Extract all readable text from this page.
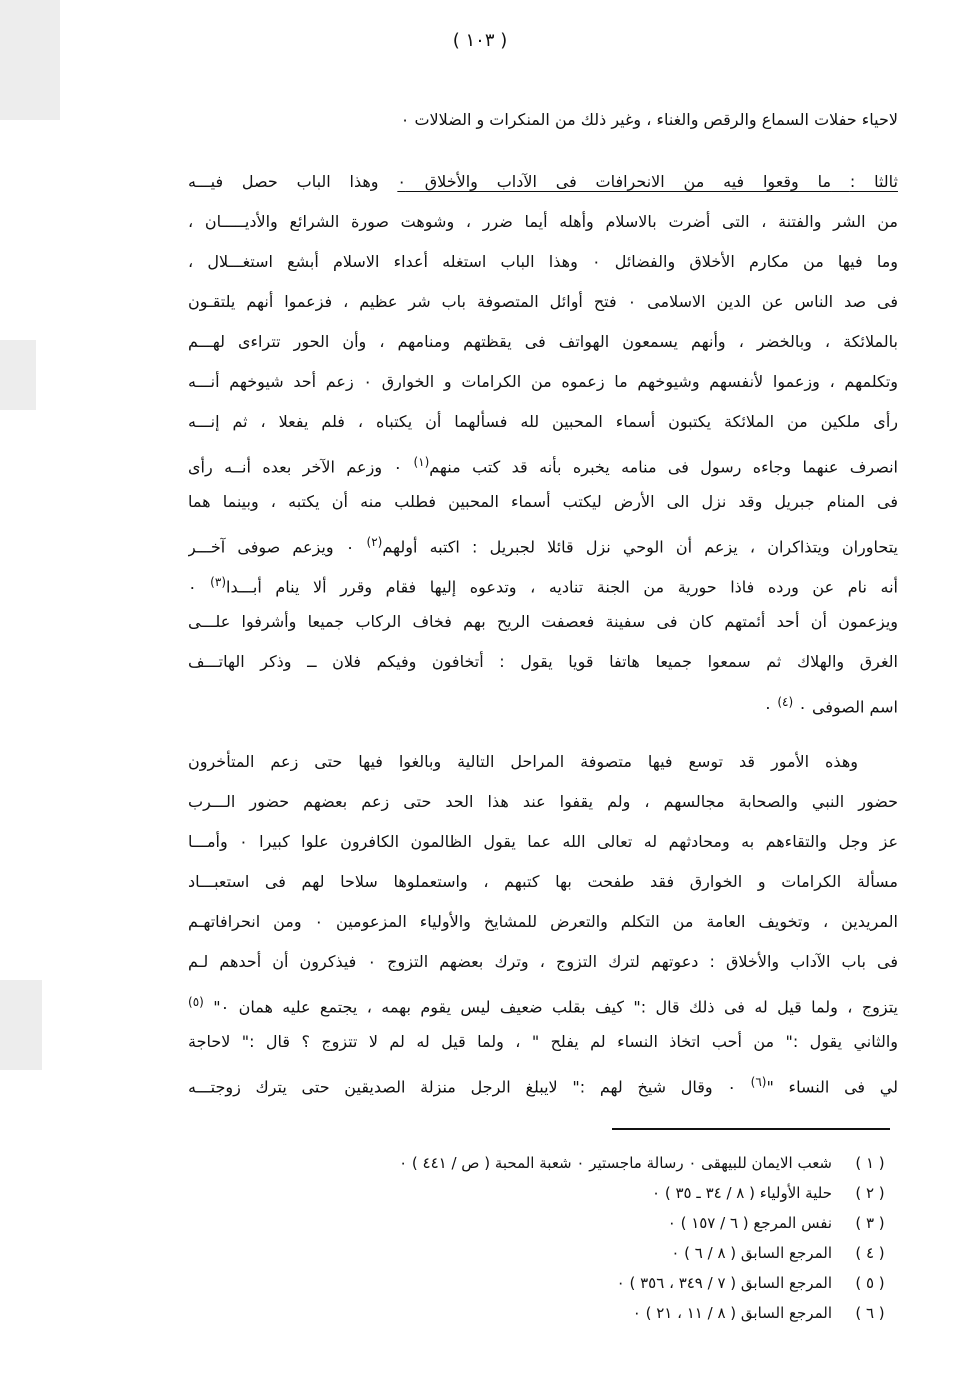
( ١٠٣ )
لاحياء حفلات السماع والرقص والغناء ، وغير ذلك من المنكرات و الضلالات ٠
ثالثا : ما وقعوا فيه من الانحرافات فى الآداب والأخلاق ٠ وهذا الباب حصل فيـــه
من الشر والفتنة ، التى أضرت بالاسلام وأهله أيما ضرر ، وشوهت صورة الشرائع والأديـــــان ،
وما فيها من مكارم الأخلاق والفضائل ٠ وهذا الباب استغله أعداء الاسلام أبشع استغـــلال ،
فى صد الناس عن الدين الاسلامى ٠ فتح أوائل المتصوفة باب شر عظيم ، فزعموا أنهم يلتقـون
بالملائكة ، وبالخضر ، وأنهم يسمعون الهواتف فى يقظتهم ومنامهم ، وأن الحور تتراءى لهـــم
وتكلمهم ، وزعموا لأنفسهم وشيوخهم ما زعموه من الكرامات و الخوارق ٠ زعم أحد شيوخهم أنـــه
رأى ملكين من الملائكة يكتبون أسماء المحبين لله فسألهما أن يكتباه ، فلم يفعلا ، ثم إنـــه
انصرف عنهما وجاءه رسول فى منامه يخبره بأنه قد كتب منهم$^{(١)}$ ٠ وزعم الآخر بعده أنــه رأى
فى المنام جبريل وقد نزل الى الأرض ليكتب أسماء المحبين فطلب منه أن يكتبه ، وبينما هما
يتحاوران ويتذاكران ، يزعم أن الوحي نزل قائلا لجبريل : اكتبه أولهم$^{(٢)}$ ٠ ويزعم صوفى آخـــر
أنه نام عن ورده فاذا حورية من الجنة تناديه ، وتدعوه إليها فقام وقرر ألا ينام أبـــدا$^{(٣)}$ ٠
ويزعمون أن أحد أئمتهم كان فى سفينة فعصفت الريح بهم فخاف الركاب جميعا وأشرفوا علـــى
الغرق والهلاك ثم سمعوا جميعا هاتفا قويا يقول : أتخافون وفيكم فلان ــ وذكر الهاتـــف
اسم الصوفى ٠ $^{(٤)}$ ٠
وهذه الأمور قد توسع فيها متصوفة المراحل التالية وبالغوا فيها حتى زعم المتأخرون
حضور النبي والصحابة مجالسهم ، ولم يقفوا عند هذا الحد حتى زعم بعضهم حضور الـــرب
عز وجل والتقاءهم به ومحادثهم له تعالى الله عما يقول الظالمون الكافرون علوا كبيرا ٠ وأمـــا
مسألة الكرامات و الخوارق فقد طفحت بها كتبهم ، واستعملوها سلاحا لهم فى استعبـــاد
المريدين ، وتخويف العامة من التكلم والتعرض للمشايخ والأولياء المزعومين ٠ ومن انحرافاتهـم
فى باب الآداب والأخلاق : دعوتهم لترك التزوج ، وترك بعضهم التزوج ٠ فيذكرون أن أحدهم لـم
يتزوج ، ولما قيل له فى ذلك قال :" كيف بقلب ضعيف ليس يقوم بهمه ، يجتمع عليه همان ٠" $^{(٥)}$
والثاني يقول :" من أحب اتخاذ النساء لم يفلح " ، ولما قيل له لم لا تتزوج ؟ قال :" لاحاجة
لي فى النساء "$^{(٦)}$ ٠ وقال شيخ لهم :" لايبلغ الرجل منزلة الصديقين حتى يترك زوجتـــه
( ١ )
شعب الايمان للبيهقى ٠ رسالة ماجستير ٠ شعبة المحبة ( ص / ٤٤١ ) ٠
( ٢ )
حلية الأولياء ( ٨ / ٣٤ ـ ٣٥ ) ٠
( ٣ )
نفس المرجع ( ٦ / ١٥٧ ) ٠
( ٤ )
المرجع السابق ( ٨ / ٦ ) ٠
( ٥ )
المرجع السابق ( ٧ / ٣٤٩ ، ٣٥٦ ) ٠
( ٦ )
المرجع السابق ( ٨ / ١١ ، ٢١ ) ٠
